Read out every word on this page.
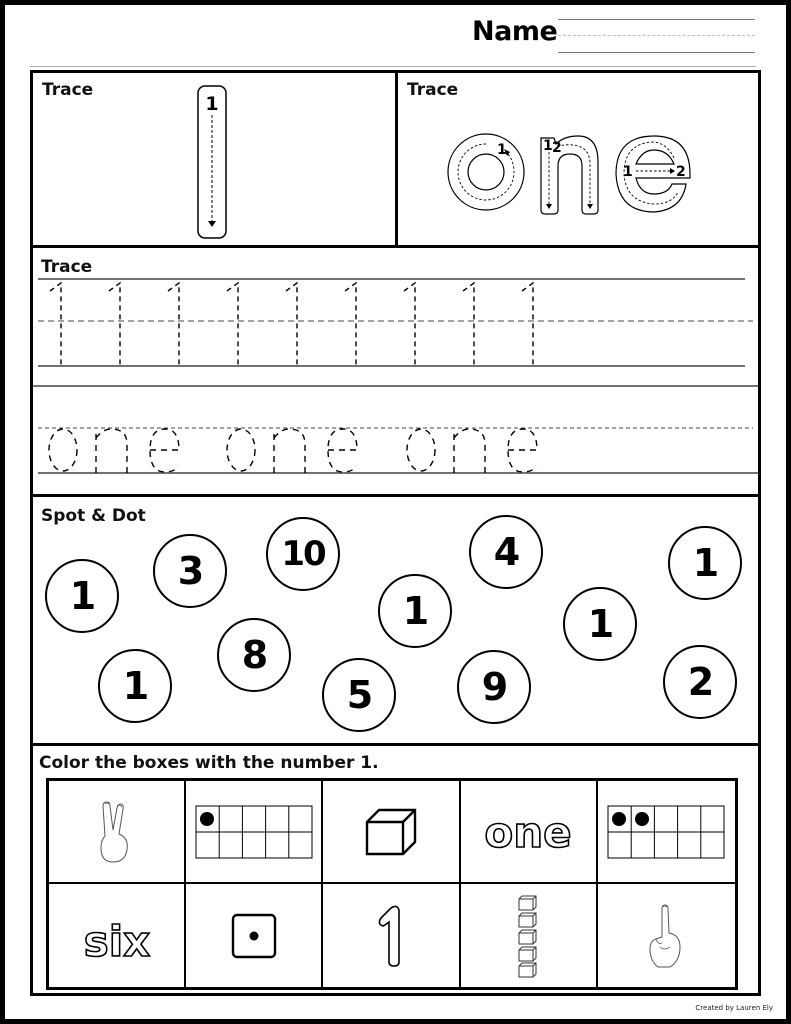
Name
Trace
1
Trace
1	1 2
1	2
Trace
Spot & Dot
1
3 10	4	1
1	1
8
1	5	9	2
Color the boxes with the number 1.
one
six
Created by Lauren Ely
